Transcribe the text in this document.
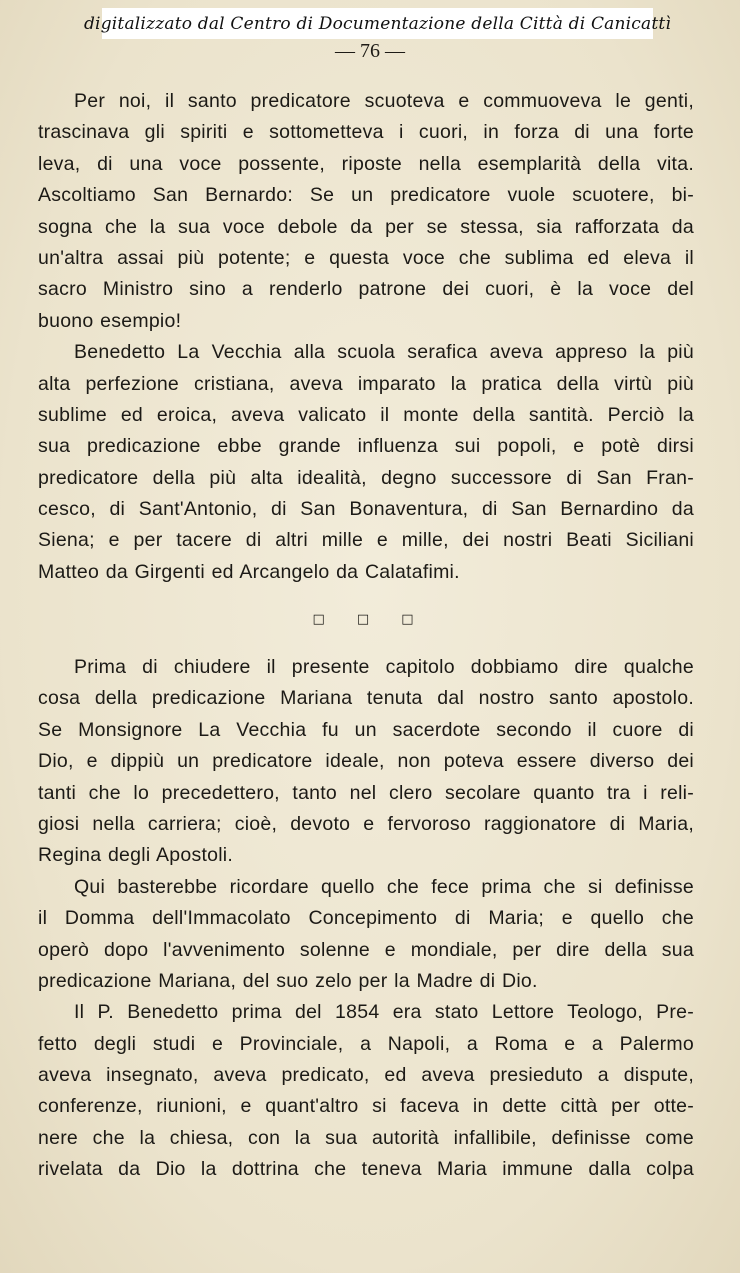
digitalizzato dal Centro di Documentazione della Città di Canicattì
— 76 —
Per noi, il santo predicatore scuoteva e commuoveva le genti,
trascinava gli spiriti e sottometteva i cuori, in forza di una forte
leva, di una voce possente, riposte nella esemplarità della vita.
Ascoltiamo San Bernardo: Se un predicatore vuole scuotere, bi-
sogna che la sua voce debole da per se stessa, sia rafforzata da
un'altra assai più potente; e questa voce che sublima ed eleva il
sacro Ministro sino a renderlo patrone dei cuori, è la voce del
buono esempio!
Benedetto La Vecchia alla scuola serafica aveva appreso la più
alta perfezione cristiana, aveva imparato la pratica della virtù più
sublime ed eroica, aveva valicato il monte della santità. Perciò la
sua predicazione ebbe grande influenza sui popoli, e potè dirsi
predicatore della più alta idealità, degno successore di San Fran-
cesco, di Sant'Antonio, di San Bonaventura, di San Bernardino da
Siena; e per tacere di altri mille e mille, dei nostri Beati Siciliani
Matteo da Girgenti ed Arcangelo da Calatafimi.
□ □ □
Prima di chiudere il presente capitolo dobbiamo dire qualche
cosa della predicazione Mariana tenuta dal nostro santo apostolo.
Se Monsignore La Vecchia fu un sacerdote secondo il cuore di
Dio, e dippiù un predicatore ideale, non poteva essere diverso dei
tanti che lo precedettero, tanto nel clero secolare quanto tra i reli-
giosi nella carriera; cioè, devoto e fervoroso raggionatore di Maria,
Regina degli Apostoli.
Qui basterebbe ricordare quello che fece prima che si definisse
il Domma dell'Immacolato Concepimento di Maria; e quello che
operò dopo l'avvenimento solenne e mondiale, per dire della sua
predicazione Mariana, del suo zelo per la Madre di Dio.
Il P. Benedetto prima del 1854 era stato Lettore Teologo, Pre-
fetto degli studi e Provinciale, a Napoli, a Roma e a Palermo
aveva insegnato, aveva predicato, ed aveva presieduto a dispute,
conferenze, riunioni, e quant'altro si faceva in dette città per otte-
nere che la chiesa, con la sua autorità infallibile, definisse come
rivelata da Dio la dottrina che teneva Maria immune dalla colpa
